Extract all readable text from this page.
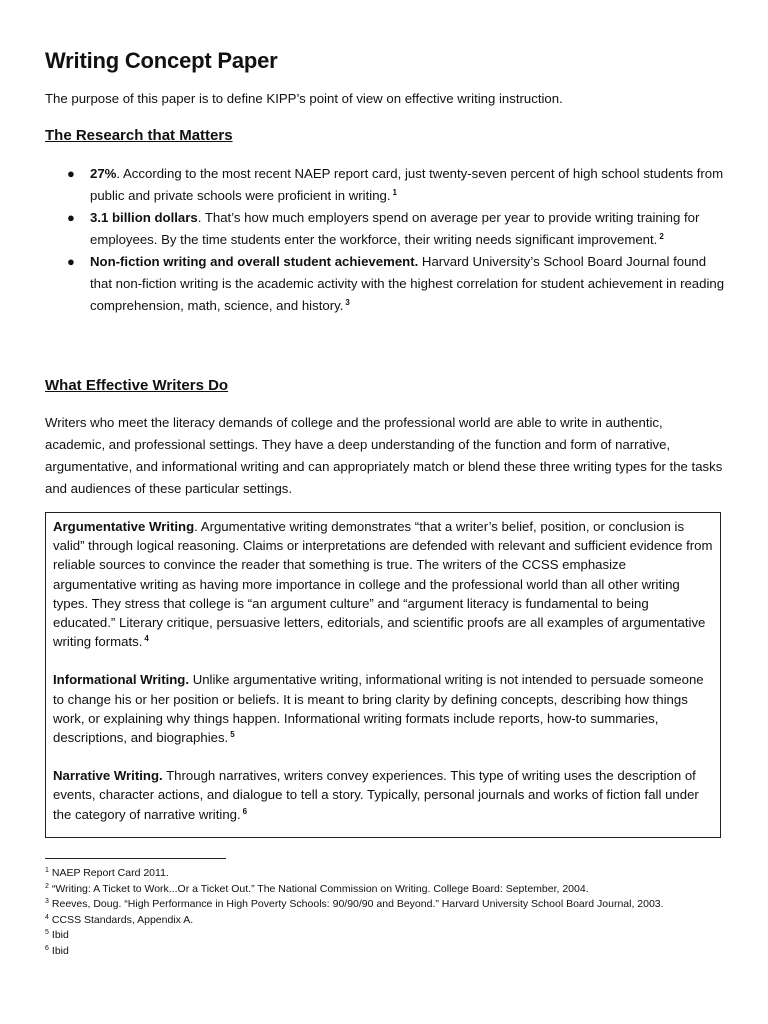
Writing Concept Paper
The purpose of this paper is to define KIPP’s point of view on effective writing instruction.
The Research that Matters
● 27%. According to the most recent NAEP report card, just twenty-seven percent of high school students from public and private schools were proficient in writing. $^1$
● 3.1 billion dollars. That’s how much employers spend on average per year to provide writing training for employees. By the time students enter the workforce, their writing needs significant improvement. $^2$
● Non-fiction writing and overall student achievement. Harvard University’s School Board Journal found that non-fiction writing is the academic activity with the highest correlation for student achievement in reading comprehension, math, science, and history. $^3$
What Effective Writers Do
Writers who meet the literacy demands of college and the professional world are able to write in authentic, academic, and professional settings. They have a deep understanding of the function and form of narrative, argumentative, and informational writing and can appropriately match or blend these three writing types for the tasks and audiences of these particular settings.

Argumentative Writing. Argumentative writing demonstrates “that a writer’s belief, position, or conclusion is valid” through logical reasoning. Claims or interpretations are defended with relevant and sufficient evidence from reliable sources to convince the reader that something is true. The writers of the CCSS emphasize argumentative writing as having more importance in college and the professional world than all other writing types. They stress that college is “an argument culture” and “argument literacy is fundamental to being educated.” Literary critique, persuasive letters, editorials, and scientific proofs are all examples of argumentative writing formats. $^4$

Informational Writing. Unlike argumentative writing, informational writing is not intended to persuade someone to change his or her position or beliefs. It is meant to bring clarity by defining concepts, describing how things work, or explaining why things happen. Informational writing formats include reports, how-to summaries, descriptions, and biographies. $^5$

Narrative Writing. Through narratives, writers convey experiences. This type of writing uses the description of events, character actions, and dialogue to tell a story. Typically, personal journals and works of fiction fall under the category of narrative writing. $^6$

$^1$ NAEP Report Card 2011.
$^2$ “Writing: A Ticket to Work...Or a Ticket Out.” The National Commission on Writing. College Board: September, 2004.
$^3$ Reeves, Doug. “High Performance in High Poverty Schools: 90/90/90 and Beyond.” Harvard University School Board Journal, 2003.
$^4$ CCSS Standards, Appendix A.
$^5$ Ibid
$^6$ Ibid
